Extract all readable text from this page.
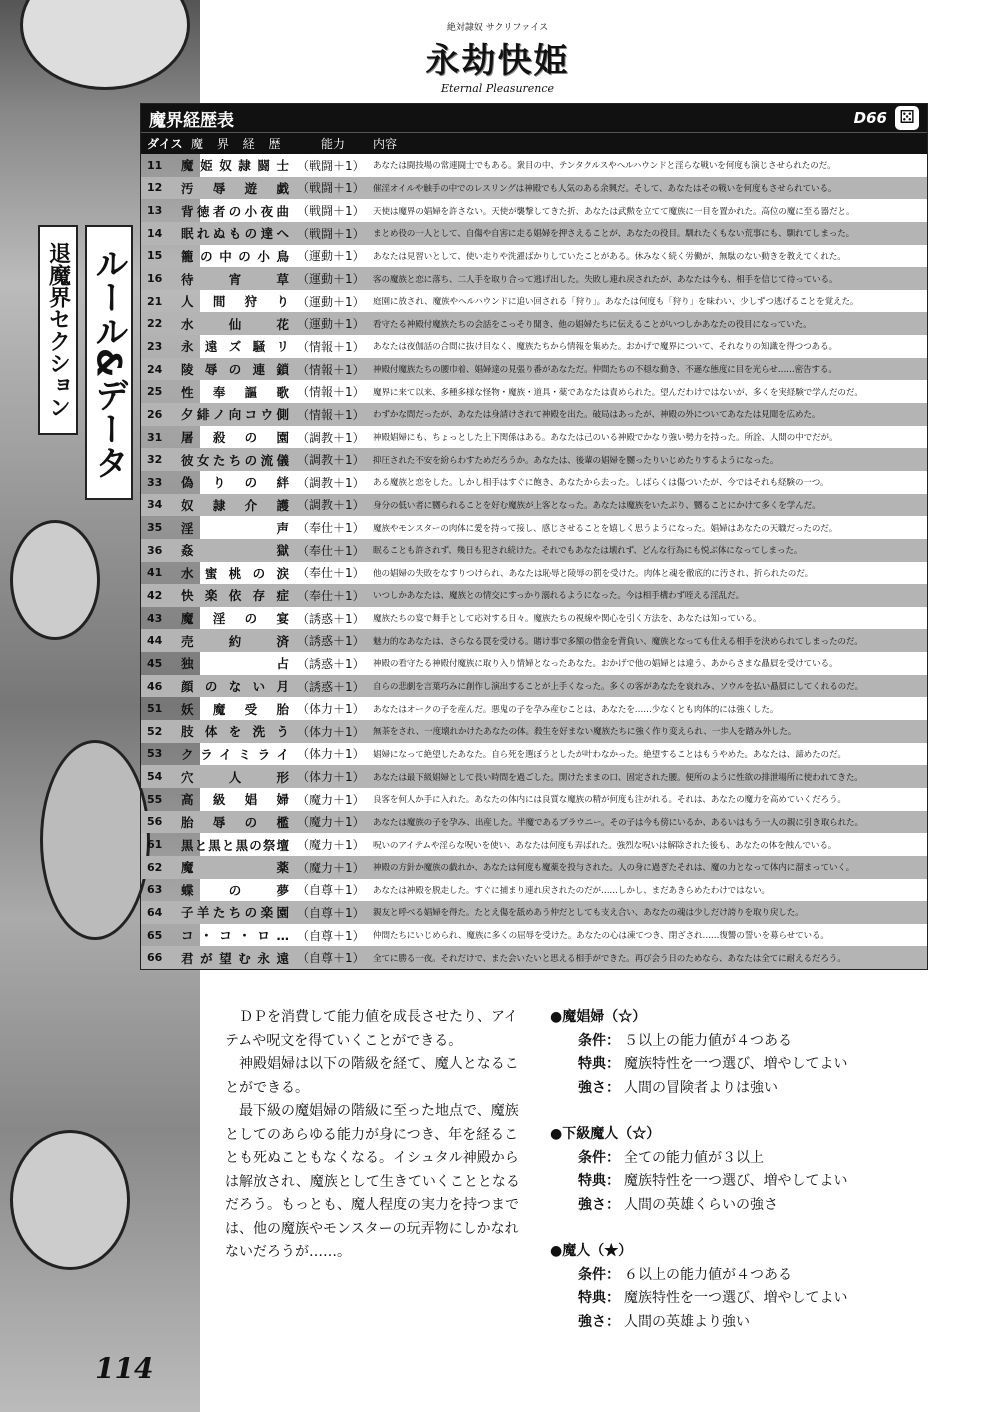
退魔界セクション ルール&データ
絶対隷奴 サクリファイス
永劫快姫
Eternal Pleasurence
魔界経歴表	D66 ⚄
ダイス 魔 界 経 歴	能力	内容
11	魔姫奴隷闘士 （戦闘＋1） あなたは闘技場の常連闘士でもある。衆目の中、テンタクルスやヘルハウンドと淫らな戦いを何度も演じさせられたのだ。
12	汚辱遊戯 （戦闘＋1） 催淫オイルや触手の中でのレスリングは神殿でも人気のある余興だ。そして、あなたはその戦いを何度もさせられている。
13	背徳者の小夜曲 （戦闘＋1） 天使は魔界の娼婦を許さない。天使が襲撃してきた折、あなたは武勲を立てて魔族に一目を置かれた。高位の魔に至る器だと。
14	眠れぬもの達へ （戦闘＋1） まとめ役の一人として、自傷や自害に走る娼婦を押さえることが、あなたの役目。馴れたくもない荒事にも、馴れてしまった。
15	籠の中の小鳥 （運動＋1） あなたは見習いとして、使い走りや洗濯ばかりしていたことがある。休みなく続く労働が、無駄のない動きを教えてくれた。
16	待宵草 （運動＋1） 客の魔族と恋に落ち、二人手を取り合って逃げ出した。失敗し連れ戻されたが、あなたは今も、相手を信じて待っている。
21	人間狩り （運動＋1） 庭園に放され、魔族やヘルハウンドに追い回される「狩り」。あなたは何度も「狩り」を味わい、少しずつ逃げることを覚えた。
22	水仙花 （運動＋1） 看守たる神殿付魔族たちの会話をこっそり聞き、他の娼婦たちに伝えることがいつしかあなたの役目になっていた。
23	永遠ズ騒リ （情報＋1） あなたは夜伽話の合間に抜け目なく、魔族たちから情報を集めた。おかげで魔界について、それなりの知識を得つつある。
24	陵辱の連鎖 （情報＋1） 神殿付魔族たちの腰巾着、娼婦達の見張り番があなただ。仲間たちの不穏な動き、不遜な態度に目を光らせ……密告する。
25	性奉謳歌 （情報＋1） 魔界に来て以来、多種多様な怪物・魔族・道具・薬であなたは責められた。望んだわけではないが、多くを実経験で学んだのだ。
26	夕緋ノ向コウ側 （情報＋1） わずかな間だったが、あなたは身請けされて神殿を出た。破局はあったが、神殿の外についてあなたは見聞を広めた。
31	屠殺の園 （調教＋1） 神殿娼婦にも、ちょっとした上下関係はある。あなたは己のいる神殿でかなり強い勢力を持った。所詮、人間の中でだが。
32	彼女たちの流儀 （調教＋1） 抑圧された不安を紛らわすためだろうか。あなたは、後輩の娼婦を嬲ったりいじめたりするようになった。
33	偽りの絆 （調教＋1） ある魔族と恋をした。しかし相手はすぐに飽き、あなたから去った。しばらくは傷ついたが、今ではそれも経験の一つ。
34	奴隷介護 （調教＋1） 身分の低い者に嬲られることを好む魔族が上客となった。あなたは魔族をいたぶり、嬲ることにかけて多くを学んだ。
35	淫声 （奉仕＋1） 魔族やモンスターの肉体に愛を持って接し、感じさせることを嬉しく思うようになった。娼婦はあなたの天職だったのだ。
36	姦獄 （奉仕＋1） 眠ることも許されず、幾日も犯され続けた。それでもあなたは壊れず、どんな行為にも悦ぶ体になってしまった。
41	水蜜桃の涙 （奉仕＋1） 他の娼婦の失敗をなすりつけられ、あなたは恥辱と陵辱の罰を受けた。肉体と魂を徹底的に汚され、折られたのだ。
42	快楽依存症 （奉仕＋1） いつしかあなたは、魔族との情交にすっかり溺れるようになった。今は相手構わず咥える淫乱だ。
43	魔淫の宴 （誘惑＋1） 魔族たちの宴で舞手として応対する日々。魔族たちの視線や関心を引く方法を、あなたは知っている。
44	売約済 （誘惑＋1） 魅力的なあなたは、さらなる罠を受ける。賭け事で多額の借金を背負い、魔族となっても仕える相手を決められてしまったのだ。
45	独占 （誘惑＋1） 神殿の看守たる神殿付魔族に取り入り情婦となったあなた。おかげで他の娼婦とは違う、あからさまな贔屓を受けている。
46	顔のない月 （誘惑＋1） 自らの悲劇を言葉巧みに創作し演出することが上手くなった。多くの客があなたを哀れみ、ソウルを払い贔屓にしてくれるのだ。
51	妖魔受胎 （体力＋1） あなたはオークの子を産んだ。悪鬼の子を孕み産むことは、あなたを……少なくとも肉体的には強くした。
52	肢体を洗う （体力＋1） 無茶をされ、一度壊れかけたあなたの体。殺生を好まない魔族たちに強く作り変えられ、一歩人を踏み外した。
53	クライミライ （体力＋1） 娼婦になって絶望したあなた。自ら死を選ぼうとしたが叶わなかった。絶望することはもうやめた。あなたは、諦めたのだ。
54	穴人形 （体力＋1） あなたは最下級娼婦として長い時間を過ごした。開けたままの口、固定された腰。便所のように性欲の排泄場所に使われてきた。
55	高級娼婦 （魔力＋1） 良客を何人か手に入れた。あなたの体内には良質な魔族の精が何度も注がれる。それは、あなたの魔力を高めていくだろう。
56	胎辱の檻 （魔力＋1） あなたは魔族の子を孕み、出産した。半魔であるブラウニー。その子は今も傍にいるか、あるいはもう一人の親に引き取られた。
61	黒と黒と黒の祭壇 （魔力＋1） 呪いのアイテムや淫らな呪いを使い、あなたは何度も弄ばれた。強烈な呪いは解除された後も、あなたの体を蝕んでいる。
62	魔薬 （魔力＋1） 神殿の方針か魔族の戯れか、あなたは何度も魔薬を投与された。人の身に過ぎたそれは、魔の力となって体内に溜まっていく。
63	蝶の夢 （自尊＋1） あなたは神殿を脱走した。すぐに捕まり連れ戻されたのだが……しかし、まだあきらめたわけではない。
64	子羊たちの楽園 （自尊＋1） 親友と呼べる娼婦を得た。たとえ傷を舐めあう仲だとしても支え合い、あなたの魂は少しだけ誇りを取り戻した。
65	コ・コ・ロ… （自尊＋1） 仲間たちにいじめられ、魔族に多くの屈辱を受けた。あなたの心は凍てつき、閉ざされ……復讐の誓いを募らせている。
66	君が望む永遠 （自尊＋1） 全てに勝る一夜。それだけで、また会いたいと思える相手ができた。再び会う日のためなら、あなたは全てに耐えるだろう。

ＤＰを消費して能力値を成長させたり、アイテムや呪文を得ていくことができる。

神殿娼婦は以下の階級を経て、魔人となることができる。

最下級の魔娼婦の階級に至った地点で、魔族としてのあらゆる能力が身につき、年を経ることも死ぬこともなくなる。イシュタル神殿からは解放され、魔族として生きていくこととなるだろう。もっとも、魔人程度の実力を持つまでは、他の魔族やモンスターの玩弄物にしかなれないだろうが……。

●魔娼婦（☆）
条件： ５以上の能力値が４つある
特典： 魔族特性を一つ選び、増やしてよい
強さ： 人間の冒険者よりは強い
●下級魔人（☆）
条件： 全ての能力値が３以上
特典： 魔族特性を一つ選び、増やしてよい
強さ： 人間の英雄くらいの強さ
●魔人（★）
条件： ６以上の能力値が４つある
特典： 魔族特性を一つ選び、増やしてよい
強さ： 人間の英雄より強い
114
